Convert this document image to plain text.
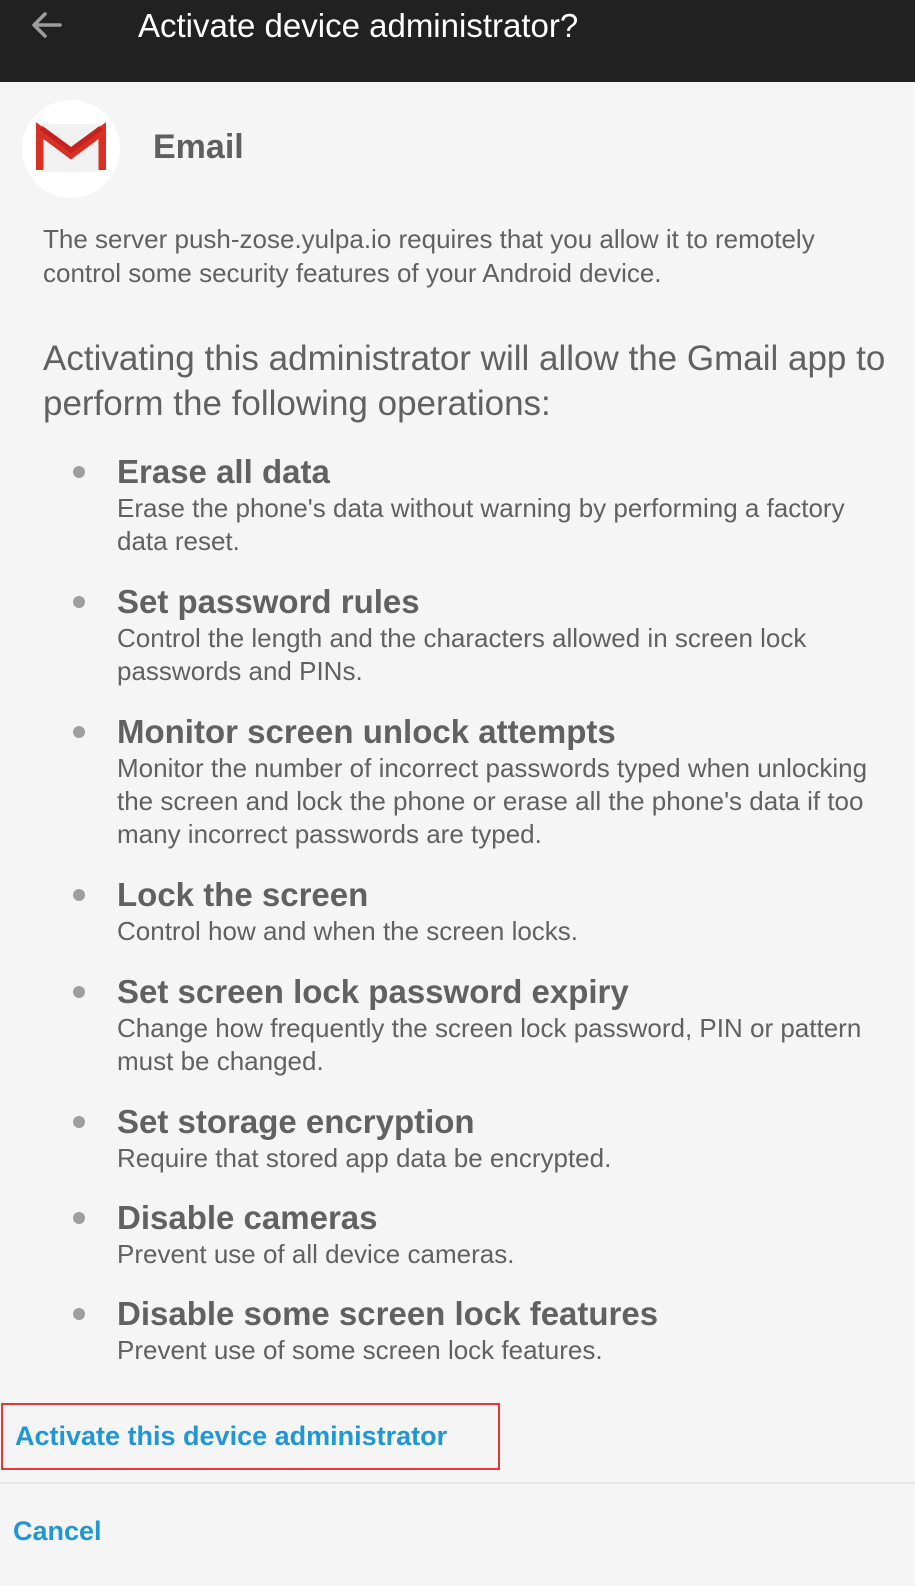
Activate device administrator?
Email
The server push-zose.yulpa.io requires that you allow it to remotely control some security features of your Android device.
Activating this administrator will allow the Gmail app to perform the following operations:
Erase all data
Erase the phone's data without warning by performing a factory data reset.
Set password rules
Control the length and the characters allowed in screen lock passwords and PINs.
Monitor screen unlock attempts
Monitor the number of incorrect passwords typed when unlocking the screen and lock the phone or erase all the phone's data if too many incorrect passwords are typed.
Lock the screen
Control how and when the screen locks.
Set screen lock password expiry
Change how frequently the screen lock password, PIN or pattern must be changed.
Set storage encryption
Require that stored app data be encrypted.
Disable cameras
Prevent use of all device cameras.
Disable some screen lock features
Prevent use of some screen lock features.
Activate this device administrator
Cancel
